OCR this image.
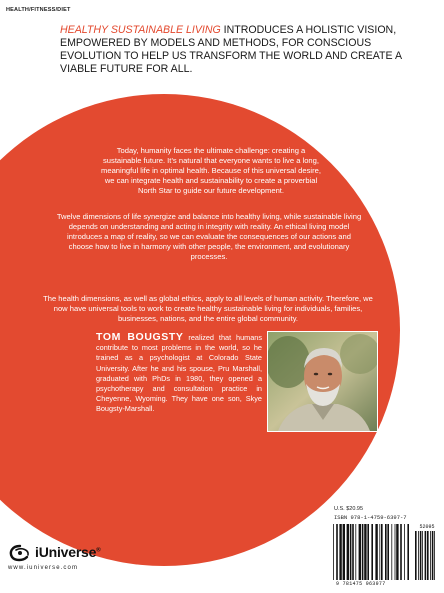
HEALTH/FITNESS/DIET
HEALTHY SUSTAINABLE LIVING INTRODUCES A HOLISTIC VISION, EMPOWERED BY MODELS AND METHODS, FOR CONSCIOUS EVOLUTION TO HELP US TRANSFORM THE WORLD AND CREATE A VIABLE FUTURE FOR ALL.
Today, humanity faces the ultimate challenge: creating a sustainable future. It’s natural that everyone wants to live a long, meaningful life in optimal health. Because of this universal desire, we can integrate health and sustainability to create a proverbial North Star to guide our future development.
Twelve dimensions of life synergize and balance into healthy living, while sustainable living depends on understanding and acting in integrity with reality. An ethical living model introduces a map of reality, so we can evaluate the consequences of our actions and choose how to live in harmony with other people, the environment, and evolutionary processes.
The health dimensions, as well as global ethics, apply to all levels of human activity. Therefore, we now have universal tools to work to create healthy sustainable living for individuals, families, businesses, nations, and the entire global community.
TOM BOUGSTY realized that humans contribute to most problems in the world, so he trained as a psychologist at Colorado State University. After he and his spouse, Pru Marshall, graduated with PhDs in 1980, they opened a psychotherapy and consultation practice in Cheyenne, Wyoming. They have one son, Skye Bougsty-Marshall.
U.S. $20.95
ISBN 978-1-4759-6397-7
52095
9 781475 963977
iUniverse®
www.iuniverse.com
